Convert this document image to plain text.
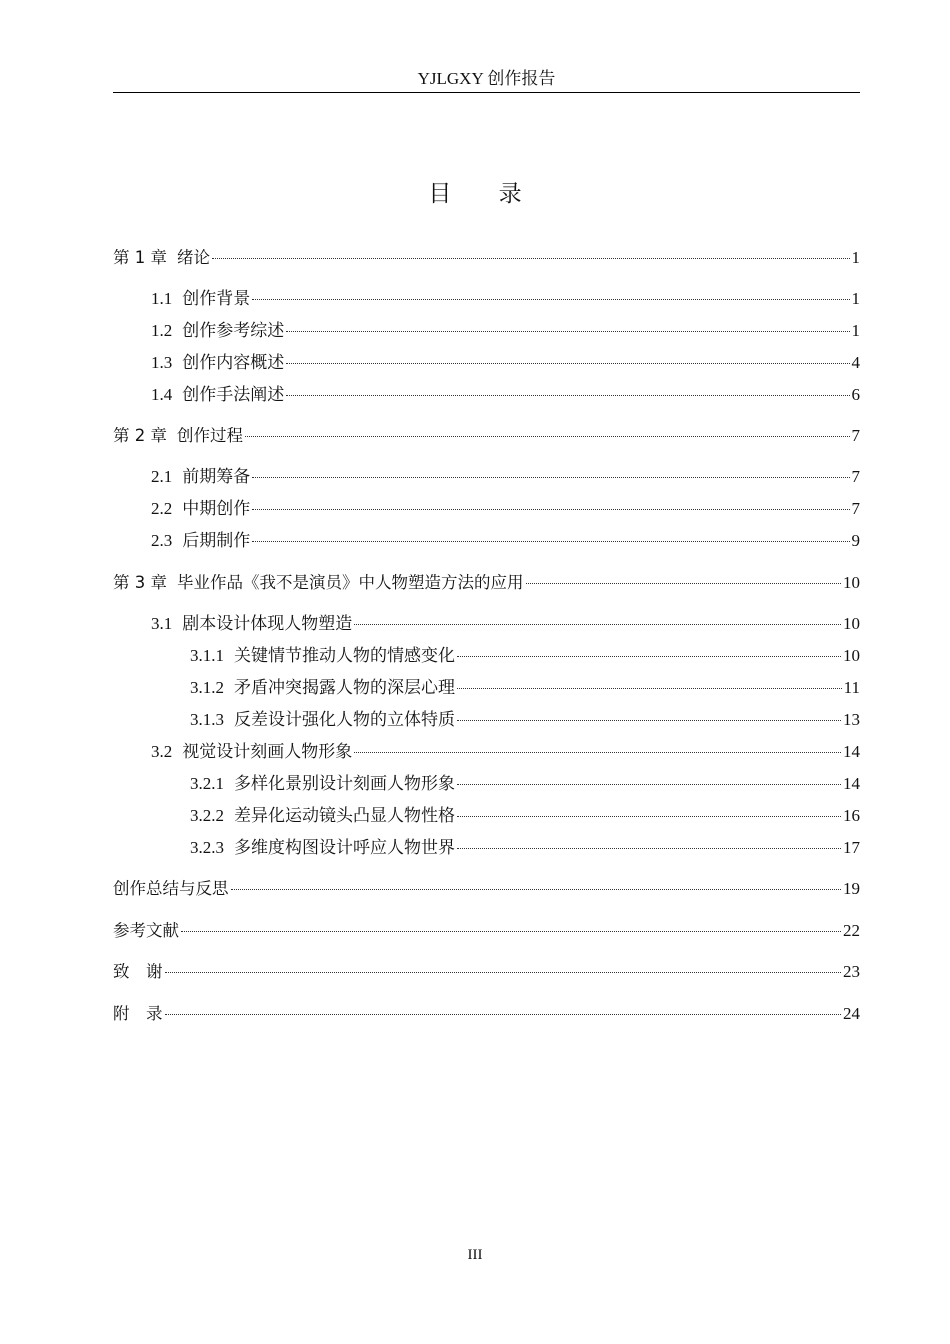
YJLGXY 创作报告
目 录
第 1 章 绪论	1
1.1 创作背景	1
1.2 创作参考综述	1
1.3 创作内容概述	4
1.4 创作手法阐述	6
第 2 章 创作过程	7
2.1 前期筹备	7
2.2 中期创作	7
2.3 后期制作	9
第 3 章 毕业作品《我不是演员》中人物塑造方法的应用	10
3.1 剧本设计体现人物塑造	10
3.1.1 关键情节推动人物的情感变化	10
3.1.2 矛盾冲突揭露人物的深层心理	11
3.1.3 反差设计强化人物的立体特质	13
3.2 视觉设计刻画人物形象	14
3.2.1 多样化景别设计刻画人物形象	14
3.2.2 差异化运动镜头凸显人物性格	16
3.2.3 多维度构图设计呼应人物世界	17
创作总结与反思	19
参考文献	22
致　谢	23
附　录	24
III
